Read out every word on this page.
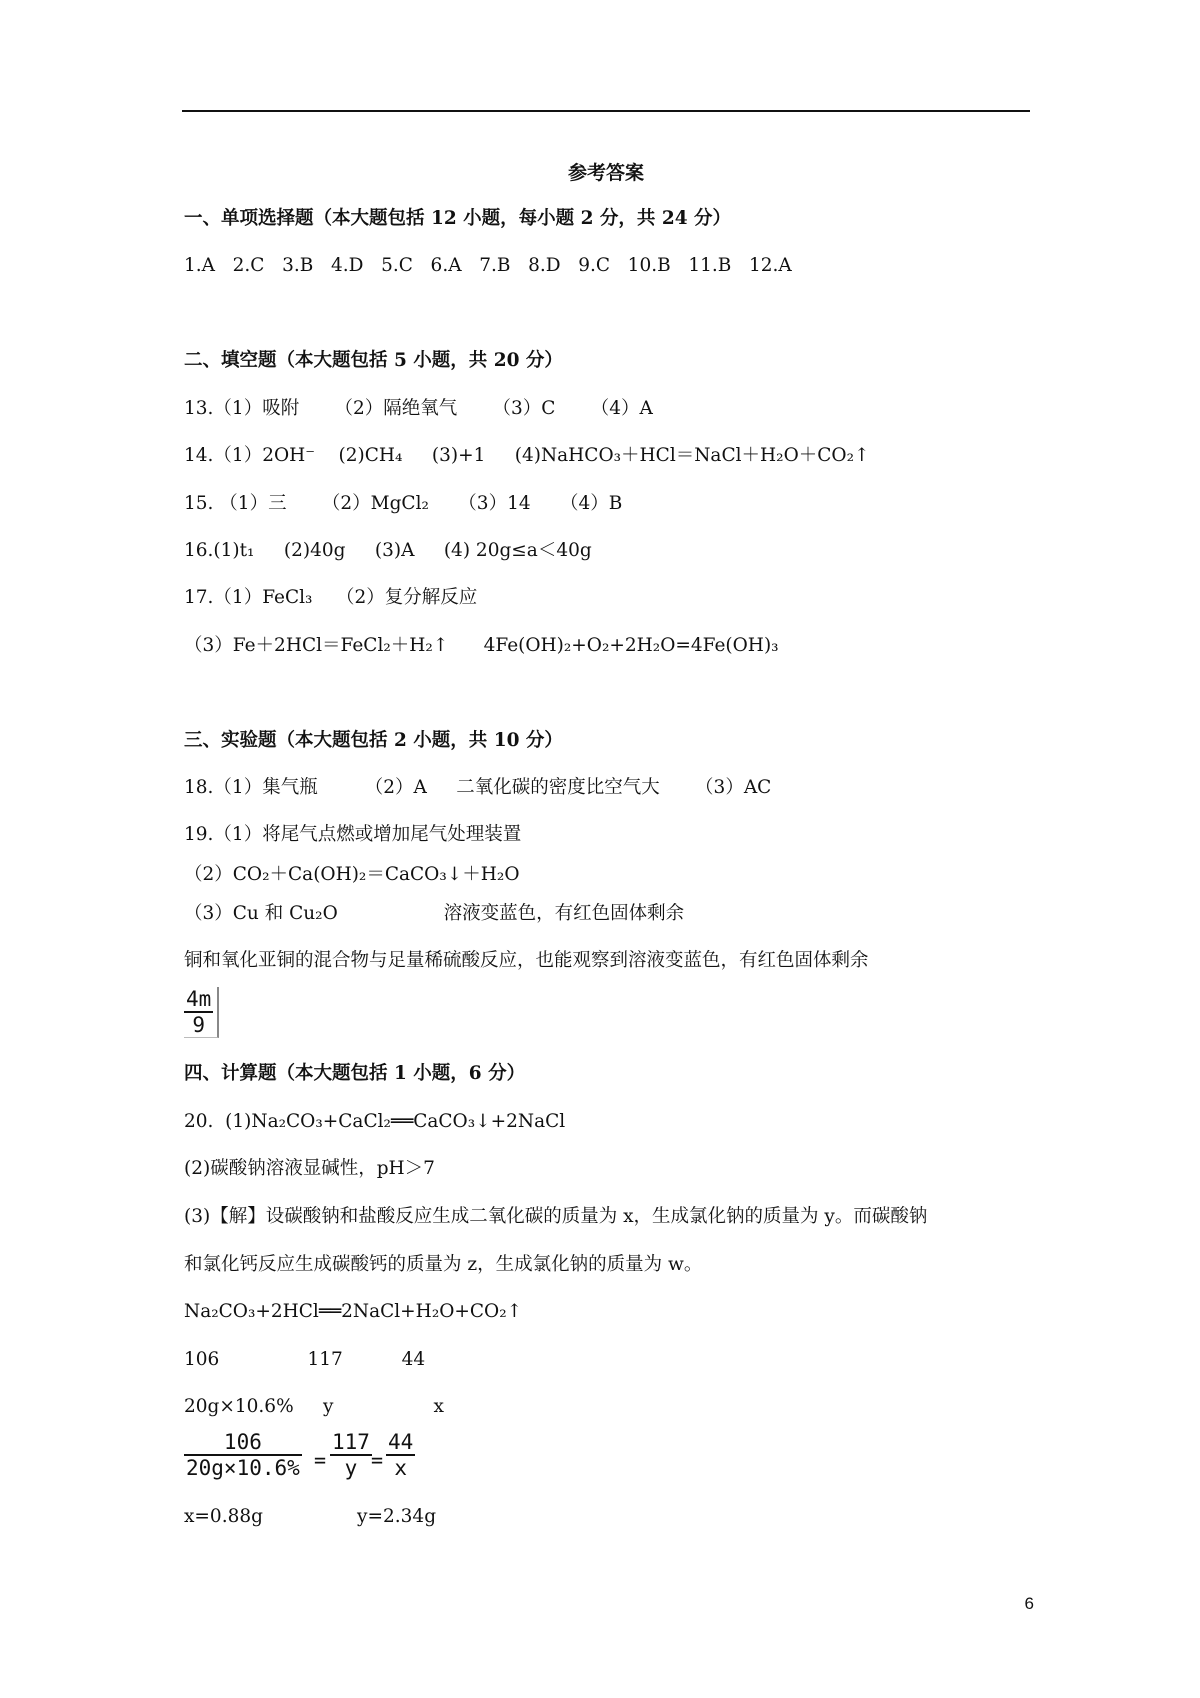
参考答案
一、单项选择题（本大题包括 12 小题，每小题 2 分，共 24 分）
1.A   2.C   3.B   4.D   5.C   6.A   7.B   8.D   9.C   10.B   11.B   12.A
二、填空题（本大题包括 5 小题，共 20 分）
13.（1）吸附      （2）隔绝氧气      （3）C      （4）A
14.（1）2OH⁻    (2)CH₄     (3)+1     (4)NaHCO₃＋HCl＝NaCl＋H₂O＋CO₂↑
15. （1）三      （2）MgCl₂     （3）14     （4）B
16.(1)t₁     (2)40g     (3)A     (4) 20g≤a＜40g
17.（1）FeCl₃    （2）复分解反应
（3）Fe＋2HCl＝FeCl₂＋H₂↑      4Fe(OH)₂+O₂+2H₂O=4Fe(OH)₃
三、实验题（本大题包括 2 小题，共 10 分）
18.（1）集气瓶        （2）A     二氧化碳的密度比空气大      （3）AC
19.（1）将尾气点燃或增加尾气处理装置
（2）CO₂＋Ca(OH)₂＝CaCO₃↓＋H₂O
（3）Cu 和 Cu₂O                  溶液变蓝色，有红色固体剩余
铜和氧化亚铜的混合物与足量稀硫酸反应，也能观察到溶液变蓝色，有红色固体剩余
4m
9
四、计算题（本大题包括 1 小题，6 分）
20.  (1)Na₂CO₃+CaCl₂══CaCO₃↓+2NaCl
(2)碳酸钠溶液显碱性，pH＞7
(3)【解】设碳酸钠和盐酸反应生成二氧化碳的质量为 x，生成氯化钠的质量为 y。而碳酸钠
和氯化钙反应生成碳酸钙的质量为 z，生成氯化钠的质量为 w。
Na₂CO₃+2HCl══2NaCl+H₂O+CO₂↑
106               117          44
20g×10.6%     y                 x
106
20g×10.6% =
117
y =
44
x
x=0.88g                y=2.34g
6
